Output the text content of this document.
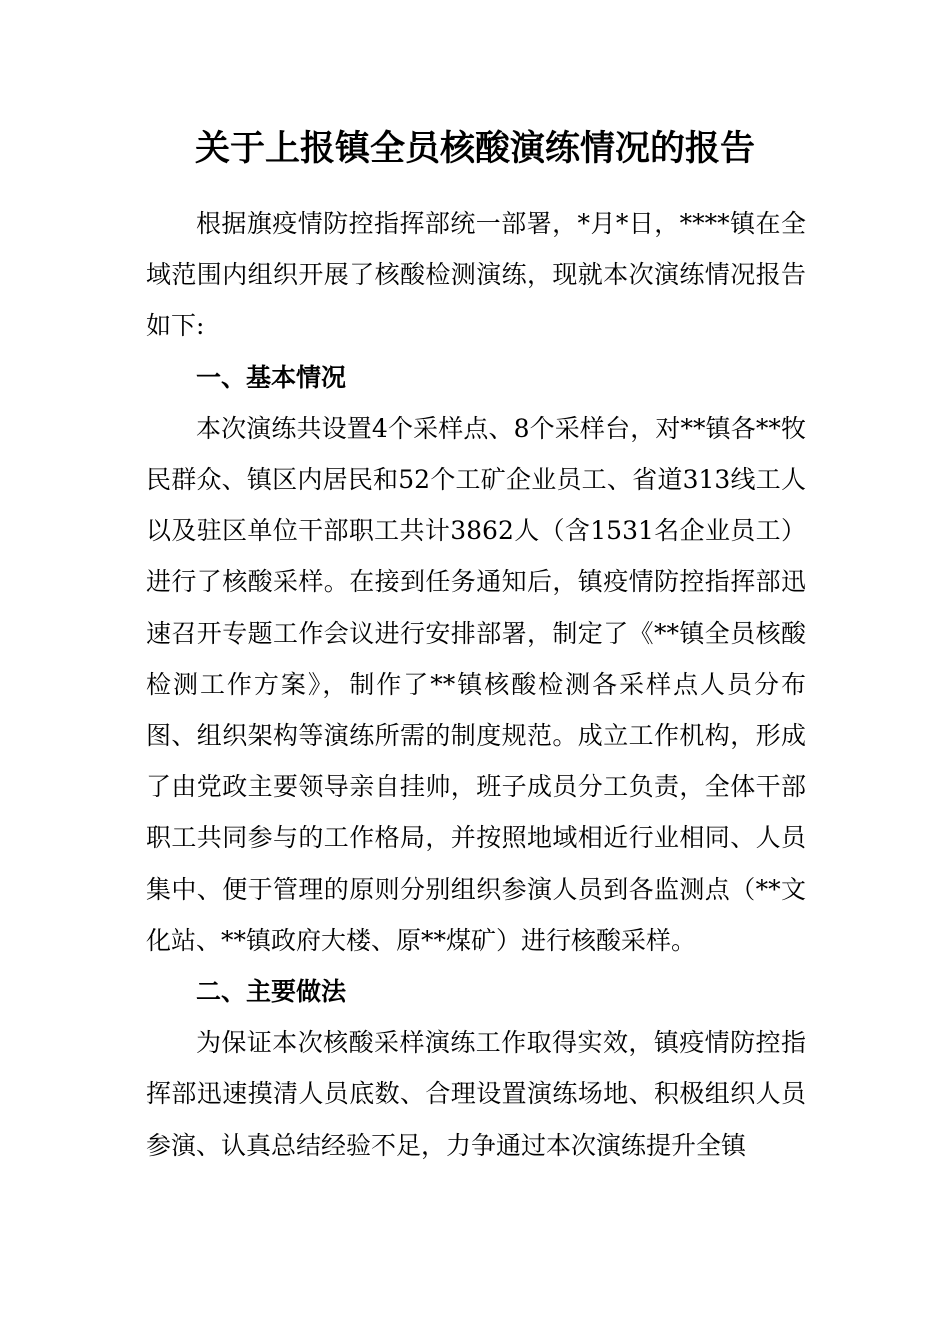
关于上报镇全员核酸演练情况的报告

根据旗疫情防控指挥部统一部署，*月*日，****镇在全域范围内组织开展了核酸检测演练，现就本次演练情况报告如下:

一、基本情况

本次演练共设置4个采样点、8个采样台，对**镇各**牧民群众、镇区内居民和52个工矿企业员工、省道313线工人以及驻区单位干部职工共计3862人（含1531名企业员工）进行了核酸采样。在接到任务通知后，镇疫情防控指挥部迅速召开专题工作会议进行安排部署，制定了《**镇全员核酸检测工作方案》，制作了**镇核酸检测各采样点人员分布图、组织架构等演练所需的制度规范。成立工作机构，形成了由党政主要领导亲自挂帅，班子成员分工负责，全体干部职工共同参与的工作格局，并按照地域相近行业相同、人员集中、便于管理的原则分别组织参演人员到各监测点（**文化站、**镇政府大楼、原**煤矿）进行核酸采样。

二、主要做法

为保证本次核酸采样演练工作取得实效，镇疫情防控指挥部迅速摸清人员底数、合理设置演练场地、积极组织人员参演、认真总结经验不足，力争通过本次演练提升全镇
